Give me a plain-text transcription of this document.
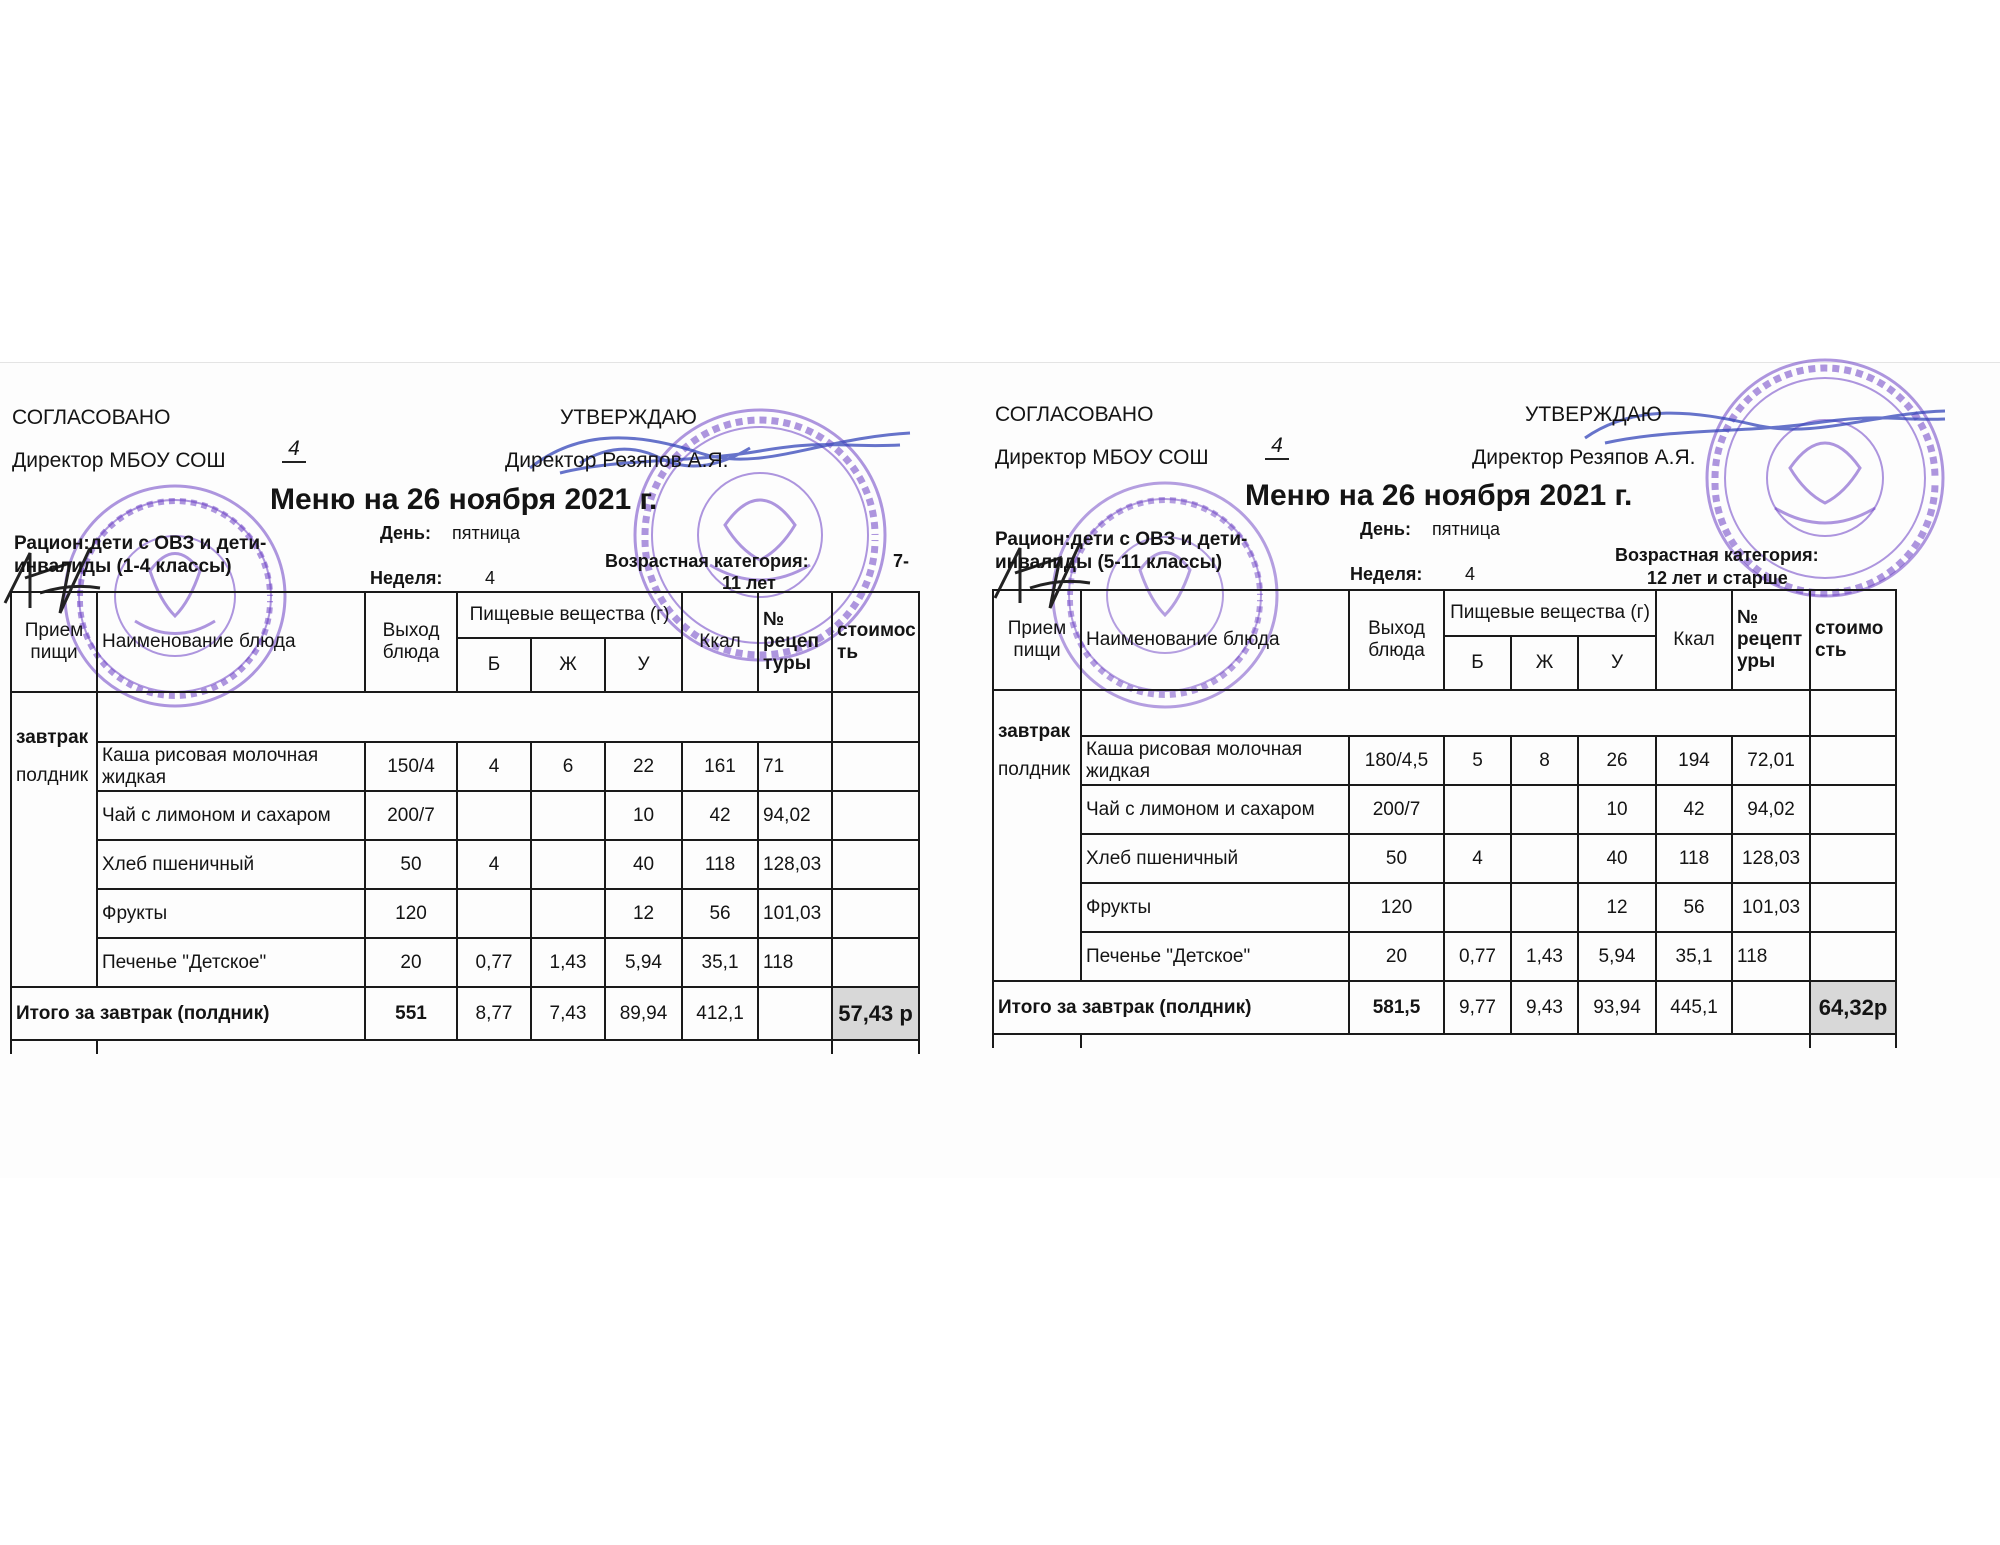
СОГЛАСОВАНО
Директор МБОУ СОШ
4
УТВЕРЖДАЮ
Директор Резяпов А.Я.
Меню на 26 ноября 2021 г.
Рацион:дети с ОВЗ и дети-
инвалиды (1-4 классы)
День: пятница
Неделя: 4
Возрастная категория:	7-
11 лет
Прием пищи	Наименование блюда	Выход блюда	Пищевые вещества (г)			Ккал	№ рецеп туры	стоимос ть
			Б	Ж	У			

завтрак
полдник								

	Каша рисовая молочная жидкая	150/4	4	6	22	161	71	
	Чай с лимоном и сахаром	200/7			10	42	94,02	
	Хлеб пшеничный	50	4		40	118	128,03	
	Фрукты	120			12	56	101,03	
	Печенье "Детское"	20	0,77	1,43	5,94	35,1	118	
Итого за завтрак (полдник)		551	8,77	7,43	89,94	412,1		57,43 р

СОГЛАСОВАНО
Директор МБОУ СОШ
4
УТВЕРЖДАЮ
Директор Резяпов А.Я.
Меню на 26 ноября 2021 г.
Рацион:дети с ОВЗ и дети-
инвалиды (5-11 классы)
День: пятница
Неделя: 4
Возрастная категория:
12 лет и старше
Прием пищи	Наименование блюда	Выход блюда	Пищевые вещества (г)			Ккал	№ рецепт уры	стоимо сть
			Б	Ж	У			

завтрак
полдник								

	Каша рисовая молочная жидкая	180/4,5	5	8	26	194	72,01	
	Чай с лимоном и сахаром	200/7			10	42	94,02	
	Хлеб пшеничный	50	4		40	118	128,03	
	Фрукты	120			12	56	101,03	
	Печенье "Детское"	20	0,77	1,43	5,94	35,1	118	
Итого за завтрак (полдник)		581,5	9,77	9,43	93,94	445,1		64,32р
